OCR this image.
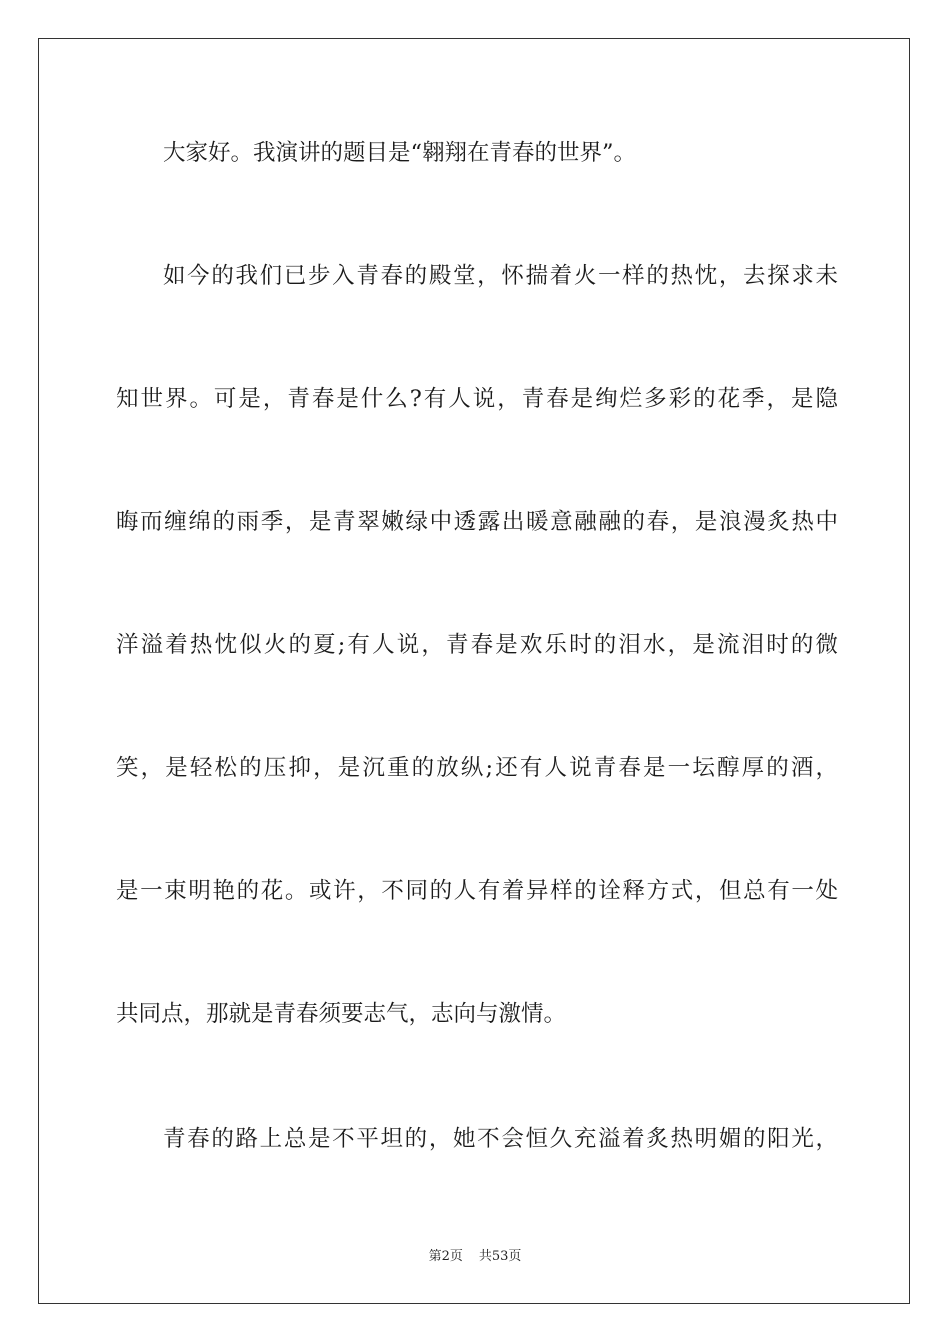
大家好。我演讲的题目是“翱翔在青春的世界”。
如今的我们已步入青春的殿堂，怀揣着火一样的热忱，去探求未
知世界。可是，青春是什么?有人说，青春是绚烂多彩的花季，是隐
晦而缠绵的雨季，是青翠嫩绿中透露出暖意融融的春，是浪漫炙热中
洋溢着热忱似火的夏;有人说，青春是欢乐时的泪水，是流泪时的微
笑，是轻松的压抑，是沉重的放纵;还有人说青春是一坛醇厚的酒，
是一束明艳的花。或许，不同的人有着异样的诠释方式，但总有一处
共同点，那就是青春须要志气，志向与激情。
青春的路上总是不平坦的，她不会恒久充溢着炙热明媚的阳光，
第2页 共53页
